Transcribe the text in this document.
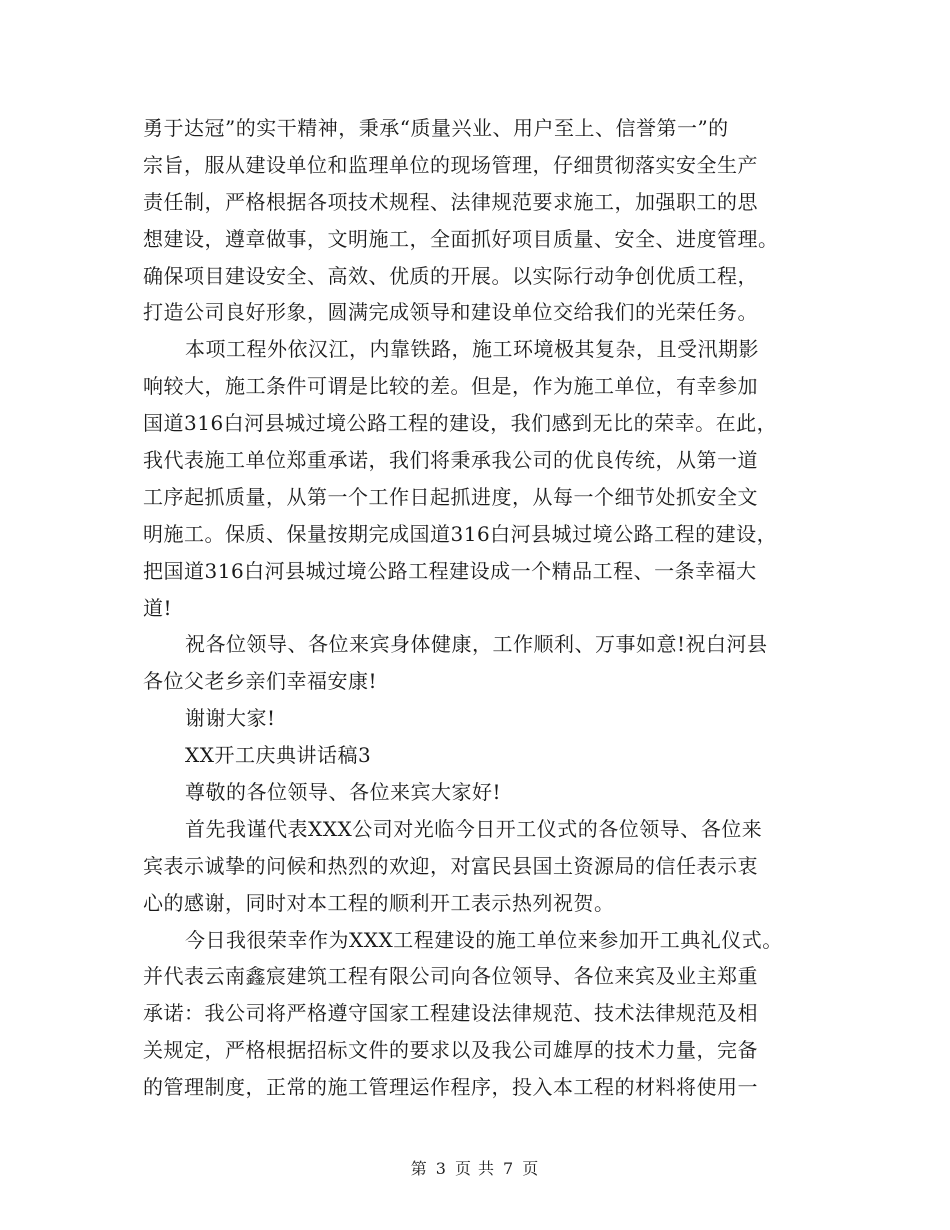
勇于达冠”的实干精神，秉承“质量兴业、用户至上、信誉第一”的
宗旨，服从建设单位和监理单位的现场管理，仔细贯彻落实安全生产
责任制，严格根据各项技术规程、法律规范要求施工，加强职工的思
想建设，遵章做事，文明施工，全面抓好项目质量、安全、进度管理。
确保项目建设安全、高效、优质的开展。以实际行动争创优质工程，
打造公司良好形象，圆满完成领导和建设单位交给我们的光荣任务。
本项工程外依汉江，内靠铁路，施工环境极其复杂，且受汛期影
响较大，施工条件可谓是比较的差。但是，作为施工单位，有幸参加
国道316白河县城过境公路工程的建设，我们感到无比的荣幸。在此，
我代表施工单位郑重承诺，我们将秉承我公司的优良传统，从第一道
工序起抓质量，从第一个工作日起抓进度，从每一个细节处抓安全文
明施工。保质、保量按期完成国道316白河县城过境公路工程的建设，
把国道316白河县城过境公路工程建设成一个精品工程、一条幸福大
道!
祝各位领导、各位来宾身体健康，工作顺利、万事如意!祝白河县
各位父老乡亲们幸福安康!
谢谢大家!
XX开工庆典讲话稿3
尊敬的各位领导、各位来宾大家好!
首先我谨代表XXX公司对光临今日开工仪式的各位领导、各位来
宾表示诚挚的问候和热烈的欢迎，对富民县国土资源局的信任表示衷
心的感谢，同时对本工程的顺利开工表示热列祝贺。
今日我很荣幸作为XXX工程建设的施工单位来参加开工典礼仪式。
并代表云南鑫宸建筑工程有限公司向各位领导、各位来宾及业主郑重
承诺：我公司将严格遵守国家工程建设法律规范、技术法律规范及相
关规定，严格根据招标文件的要求以及我公司雄厚的技术力量，完备
的管理制度，正常的施工管理运作程序，投入本工程的材料将使用一
第 3 页 共 7 页
